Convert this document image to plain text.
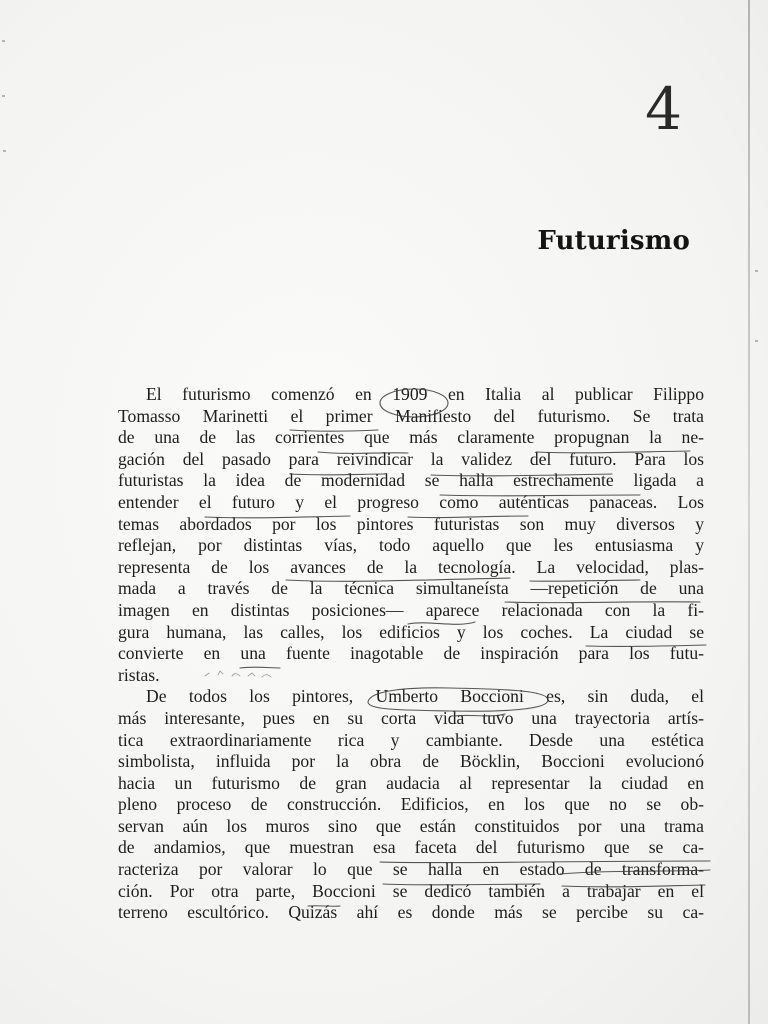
4
Futurismo
El futurismo comenzó en 1909 en Italia al publicar Filippo
Tomasso Marinetti el primer Manifiesto del futurismo. Se trata
de una de las corrientes que más claramente propugnan la ne-
gación del pasado para reivindicar la validez del futuro. Para los
futuristas la idea de modernidad se halla estrechamente ligada a
entender el futuro y el progreso como auténticas panaceas. Los
temas abordados por los pintores futuristas son muy diversos y
reflejan, por distintas vías, todo aquello que les entusiasma y
representa de los avances de la tecnología. La velocidad, plas-
mada a través de la técnica simultaneísta —repetición de una
imagen en distintas posiciones— aparece relacionada con la fi-
gura humana, las calles, los edificios y los coches. La ciudad se
convierte en una fuente inagotable de inspiración para los futu-
ristas.
De todos los pintores, Umberto Boccioni es, sin duda, el
más interesante, pues en su corta vida tuvo una trayectoria artís-
tica extraordinariamente rica y cambiante. Desde una estética
simbolista, influida por la obra de Böcklin, Boccioni evolucionó
hacia un futurismo de gran audacia al representar la ciudad en
pleno proceso de construcción. Edificios, en los que no se ob-
servan aún los muros sino que están constituidos por una trama
de andamios, que muestran esa faceta del futurismo que se ca-
racteriza por valorar lo que se halla en estado de transforma-
ción. Por otra parte, Boccioni se dedicó también a trabajar en el
terreno escultórico. Quizás ahí es donde más se percibe su ca-
